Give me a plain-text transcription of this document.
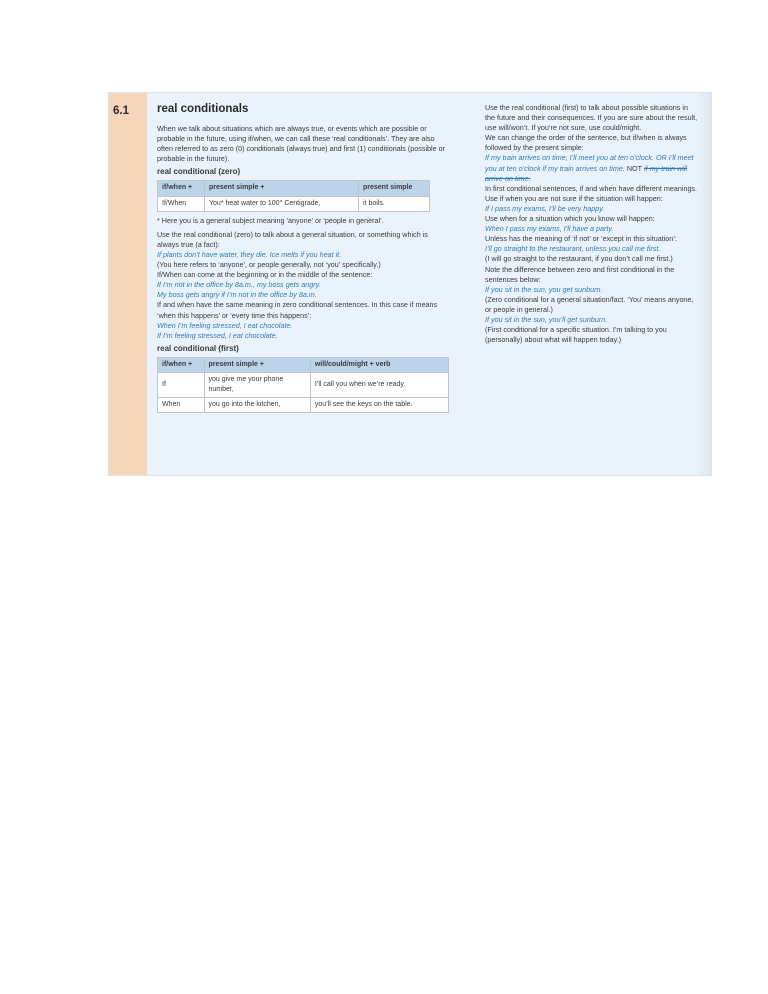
6.1 real conditionals

When we talk about situations which are always true, or events which are possible or probable in the future, using if/when, we can call these ‘real conditionals’. They are also often referred to as zero (0) conditionals (always true) and first (1) conditionals (possible or probable in the future).

real conditional (zero)
if/when +	present simple +	present simple
If/When	You* heat water to 100° Centigrade,	it boils.

* Here you is a general subject meaning ‘anyone’ or ‘people in general’.

Use the real conditional (zero) to talk about a general situation, or something which is always true (a fact):

If plants don’t have water, they die. Ice melts if you heat it.

(You here refers to ‘anyone’, or people generally, not ‘you’ specifically.)

If/When can come at the beginning or in the middle of the sentence:

If I’m not in the office by 8a.m., my boss gets angry.

My boss gets angry if I’m not in the office by 8a.m.

If and when have the same meaning in zero conditional sentences. In this case if means ‘when this happens’ or ‘every time this happens’:

When I’m feeling stressed, I eat chocolate.

If I’m feeling stressed, I eat chocolate.

real conditional (first)
if/when +	present simple +	will/could/might + verb
If	you give me your phone number,	I’ll call you when we’re ready.
When	you go into the kitchen,	you’ll see the keys on the table.

Use the real conditional (first) to talk about possible situations in the future and their consequences. If you are sure about the result, use will/won’t. If you’re not sure, use could/might.

We can change the order of the sentence, but if/when is always followed by the present simple:

If my train arrives on time, I’ll meet you at ten o’clock. OR I’ll meet you at ten o’clock if my train arrives on time. NOT if my train will arrive on time.

In first conditional sentences, if and when have different meanings. Use if when you are not sure if the situation will happen:

If I pass my exams, I’ll be very happy.

Use when for a situation which you know will happen:

When I pass my exams, I’ll have a party.

Unless has the meaning of ‘if not’ or ‘except in this situation’:

I’ll go straight to the restaurant, unless you call me first.

(I will go straight to the restaurant, if you don’t call me first.)

Note the difference between zero and first conditional in the sentences below:

If you sit in the sun, you get sunburn.

(Zero conditional for a general situation/fact. ‘You’ means anyone, or people in general.)

If you sit in the sun, you’ll get sunburn.

(First conditional for a specific situation. I’m talking to you (personally) about what will happen today.)
